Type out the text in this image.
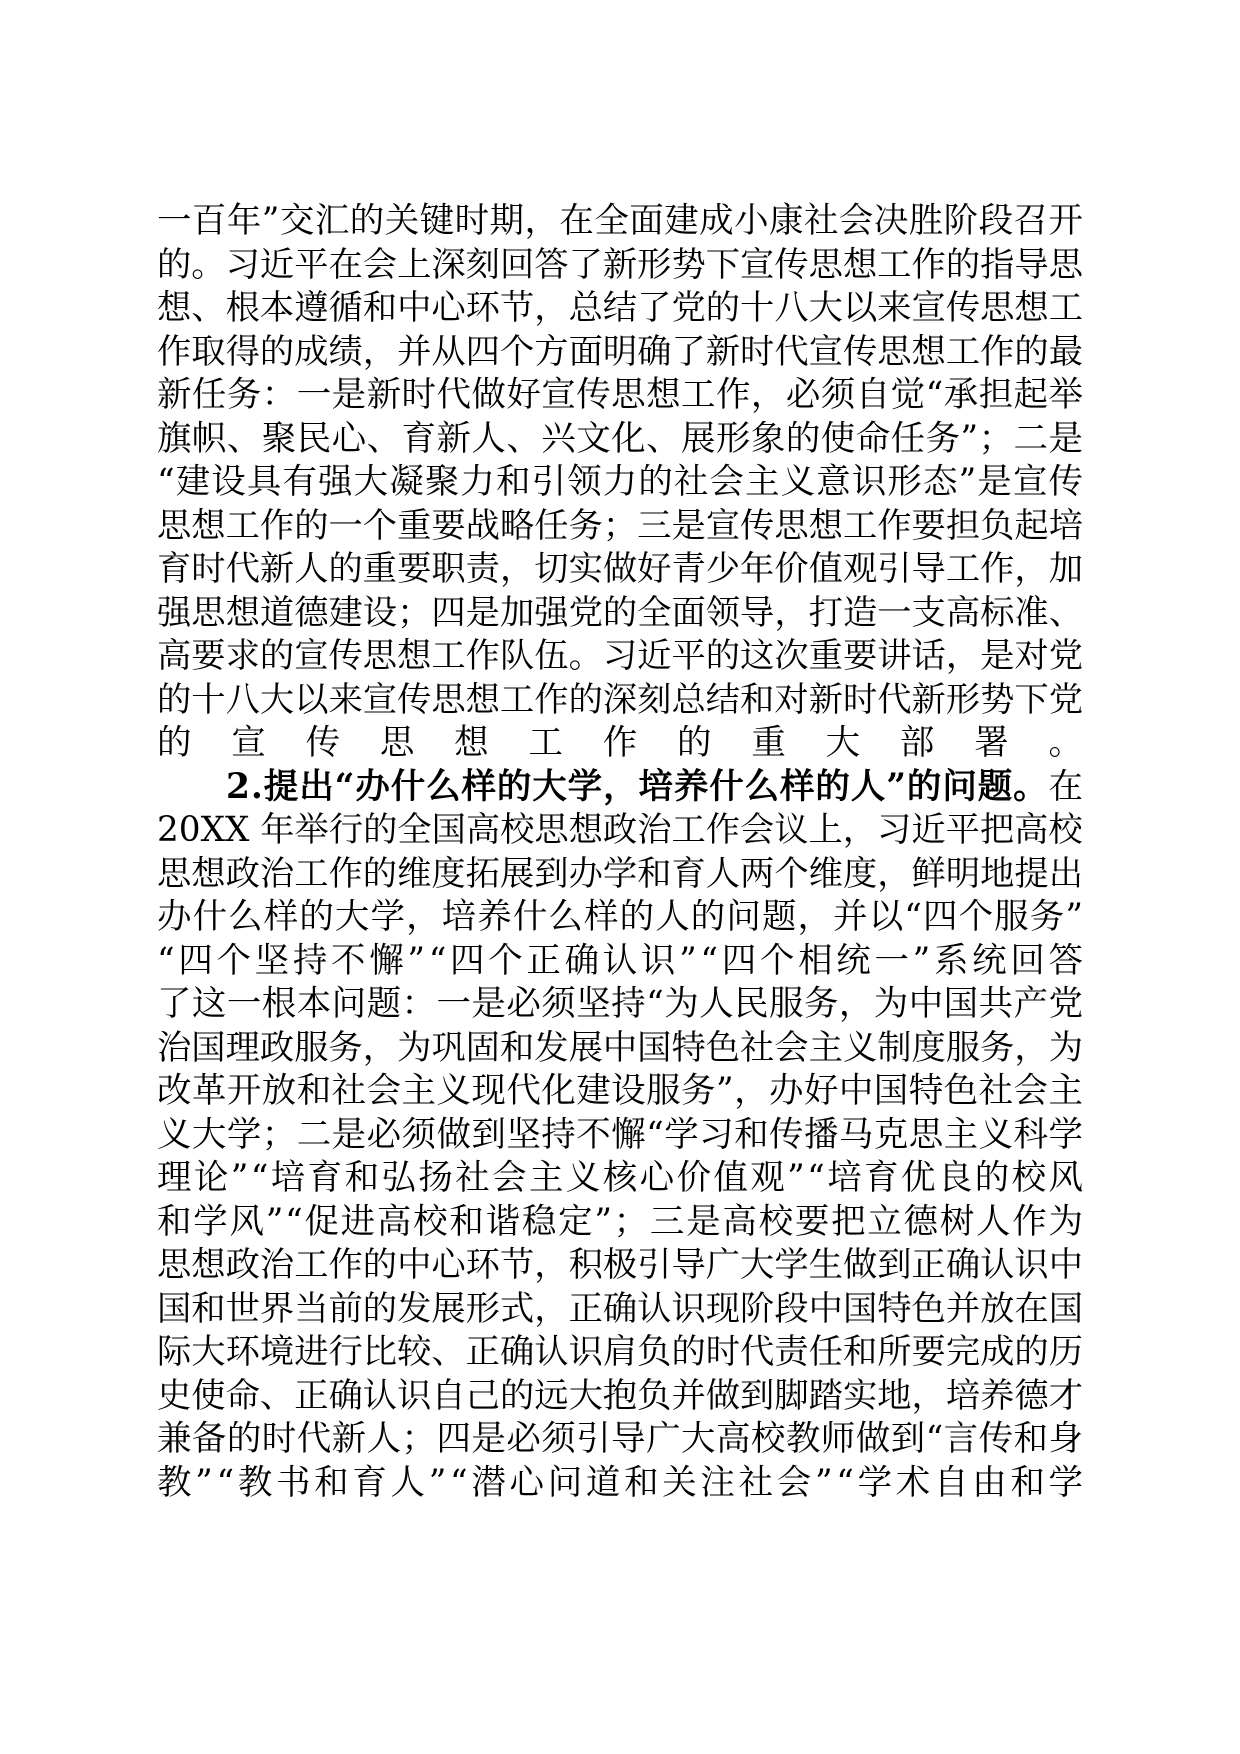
一百年”交汇的关键时期，在全面建成小康社会决胜阶段召开
的。习近平在会上深刻回答了新形势下宣传思想工作的指导思
想、根本遵循和中心环节，总结了党的十八大以来宣传思想工
作取得的成绩，并从四个方面明确了新时代宣传思想工作的最
新任务：一是新时代做好宣传思想工作，必须自觉“承担起举
旗帜、聚民心、育新人、兴文化、展形象的使命任务”；二是
“建设具有强大凝聚力和引领力的社会主义意识形态”是宣传
思想工作的一个重要战略任务；三是宣传思想工作要担负起培
育时代新人的重要职责，切实做好青少年价值观引导工作，加
强思想道德建设；四是加强党的全面领导，打造一支高标准、
高要求的宣传思想工作队伍。习近平的这次重要讲话，是对党
的十八大以来宣传思想工作的深刻总结和对新时代新形势下党
的宣传思想工作的重大部署。
2.提出“办什么样的大学，培养什么样的人”的问题。在
20XX 年举行的全国高校思想政治工作会议上，习近平把高校
思想政治工作的维度拓展到办学和育人两个维度，鲜明地提出
办什么样的大学，培养什么样的人的问题，并以“四个服务”
“四个坚持不懈”“四个正确认识”“四个相统一”系统回答
了这一根本问题：一是必须坚持“为人民服务，为中国共产党
治国理政服务，为巩固和发展中国特色社会主义制度服务，为
改革开放和社会主义现代化建设服务”，办好中国特色社会主
义大学；二是必须做到坚持不懈“学习和传播马克思主义科学
理论”“培育和弘扬社会主义核心价值观”“培育优良的校风
和学风”“促进高校和谐稳定”；三是高校要把立德树人作为
思想政治工作的中心环节，积极引导广大学生做到正确认识中
国和世界当前的发展形式，正确认识现阶段中国特色并放在国
际大环境进行比较、正确认识肩负的时代责任和所要完成的历
史使命、正确认识自己的远大抱负并做到脚踏实地，培养德才
兼备的时代新人；四是必须引导广大高校教师做到“言传和身
教”“教书和育人”“潜心问道和关注社会”“学术自由和学
